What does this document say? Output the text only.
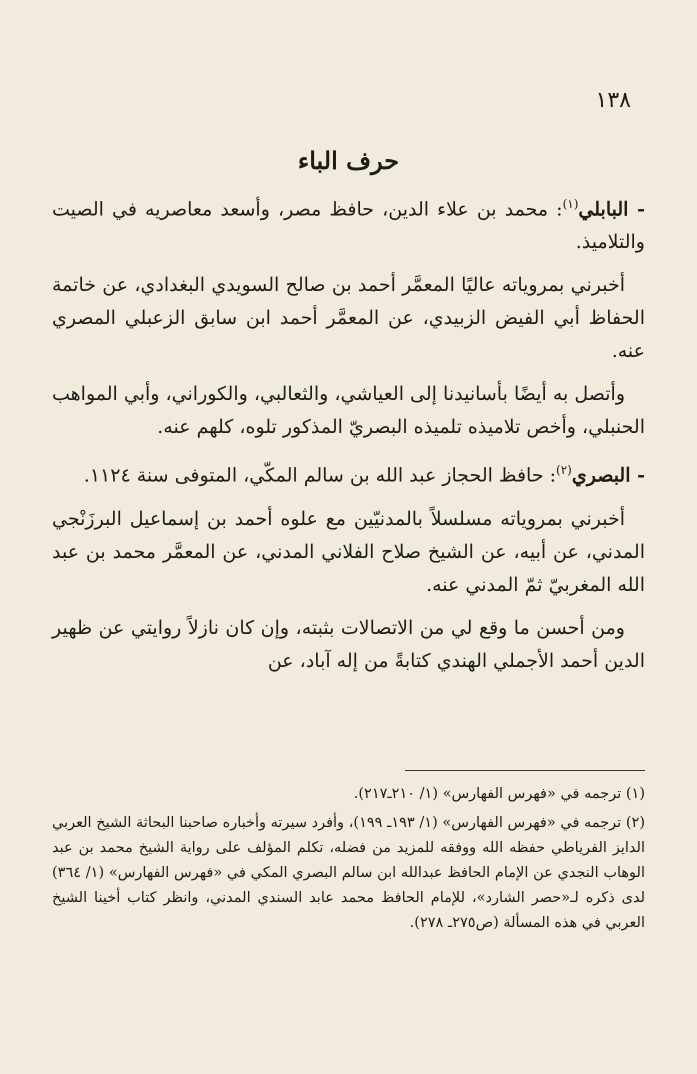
١٣٨
حرف الباء

- البابلي$^{(١)}$: محمد بن علاء الدين، حافظ مصر، وأسعد معاصريه في الصيت والتلاميذ.

أخبرني بمروياته عاليًا المعمَّر أحمد بن صالح السويدي البغدادي، عن خاتمة الحفاظ أبي الفيض الزبيدي، عن المعمَّر أحمد ابن سابق الزعبلي المصري عنه.

وأتصل به أيضًا بأسانيدنا إلى العياشي، والثعالبي، والكوراني، وأبي المواهب الحنبلي، وأخص تلاميذه تلميذه البصريّ المذكور تلوه، كلهم عنه.

- البصري$^{(٢)}$: حافظ الحجاز عبد الله بن سالم المكّي، المتوفى سنة ١١٢٤.

أخبرني بمروياته مسلسلاً بالمدنيّين مع علوه أحمد بن إسماعيل البرزَنْجي المدني، عن أبيه، عن الشيخ صلاح الفلاني المدني، عن المعمَّر محمد بن عبد الله المغربيّ ثمّ المدني عنه.

ومن أحسن ما وقع لي من الاتصالات بثبته، وإن كان نازلاً روايتي عن ظهير الدين أحمد الأجملي الهندي كتابةً من إله آباد، عن

(١) ترجمه في «فهرس الفهارس» (١/ ٢١٠ـ٢١٧).

(٢) ترجمه في «فهرس الفهارس» (١/ ١٩٣ـ ١٩٩)، وأفرد سيرته وأخباره صاحبنا البحاثة الشيخ العربي الدايز الفرياطي حفظه الله ووفقه للمزيد من فضله، تكلم المؤلف على رواية الشيخ محمد بن عبد الوهاب النجدي عن الإمام الحافظ عبدالله ابن سالم البصري المكي في «فهرس الفهارس» (١/ ٣٦٤) لدى ذكره لـ«حصر الشارد»، للإمام الحافظ محمد عابد السندي المدني، وانظر كتاب أخينا الشيخ العربي في هذه المسألة (ص٢٧٥ـ ٢٧٨).
